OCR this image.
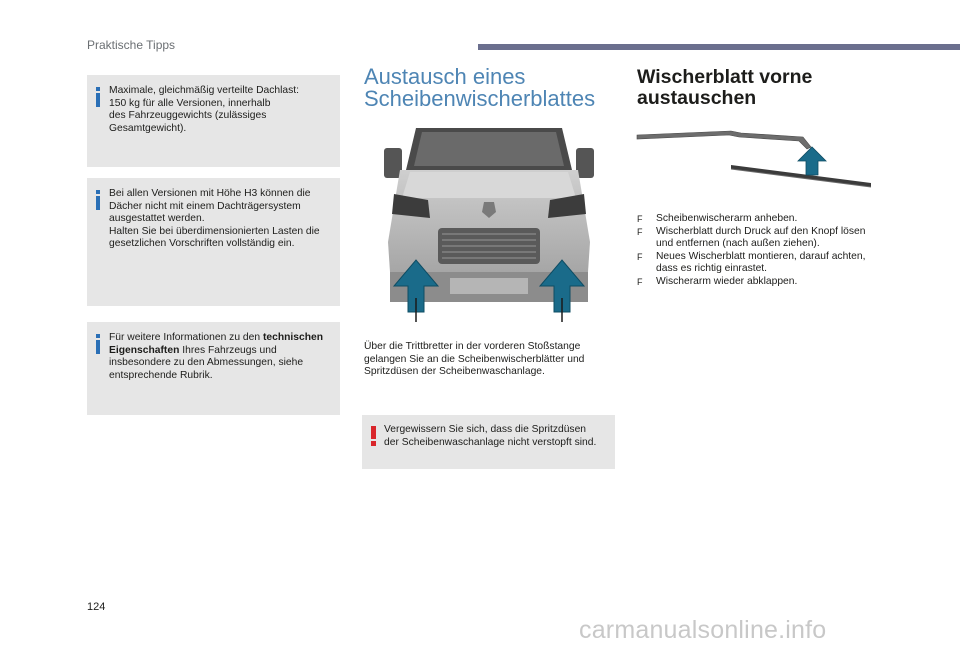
Praktische Tipps

Maximale, gleichmäßig verteilte Dachlast:
150 kg für alle Versionen, innerhalb
des Fahrzeuggewichts (zulässiges
Gesamtgewicht).

Bei allen Versionen mit Höhe H3 können die
Dächer nicht mit einem Dachträgersystem
ausgestattet werden.
Halten Sie bei überdimensionierten Lasten die
gesetzlichen Vorschriften vollständig ein.

Für weitere Informationen zu den technischen
Eigenschaften Ihres Fahrzeugs und
insbesondere zu den Abmessungen, siehe
entsprechende Rubrik.

Austausch eines
Scheibenwischerblattes

Über die Trittbretter in der vorderen Stoßstange
gelangen Sie an die Scheibenwischerblätter und
Spritzdüsen der Scheibenwaschanlage.

Vergewissern Sie sich, dass die Spritzdüsen
der Scheibenwaschanlage nicht verstopft sind.

Wischerblatt vorne
austauschen
F Scheibenwischerarm anheben.
F Wischerblatt durch Druck auf den Knopf lösen
und entfernen (nach außen ziehen).
F Neues Wischerblatt montieren, darauf achten,
dass es richtig einrastet.
F Wischerarm wieder abklappen.
124
carmanualsonline.info
